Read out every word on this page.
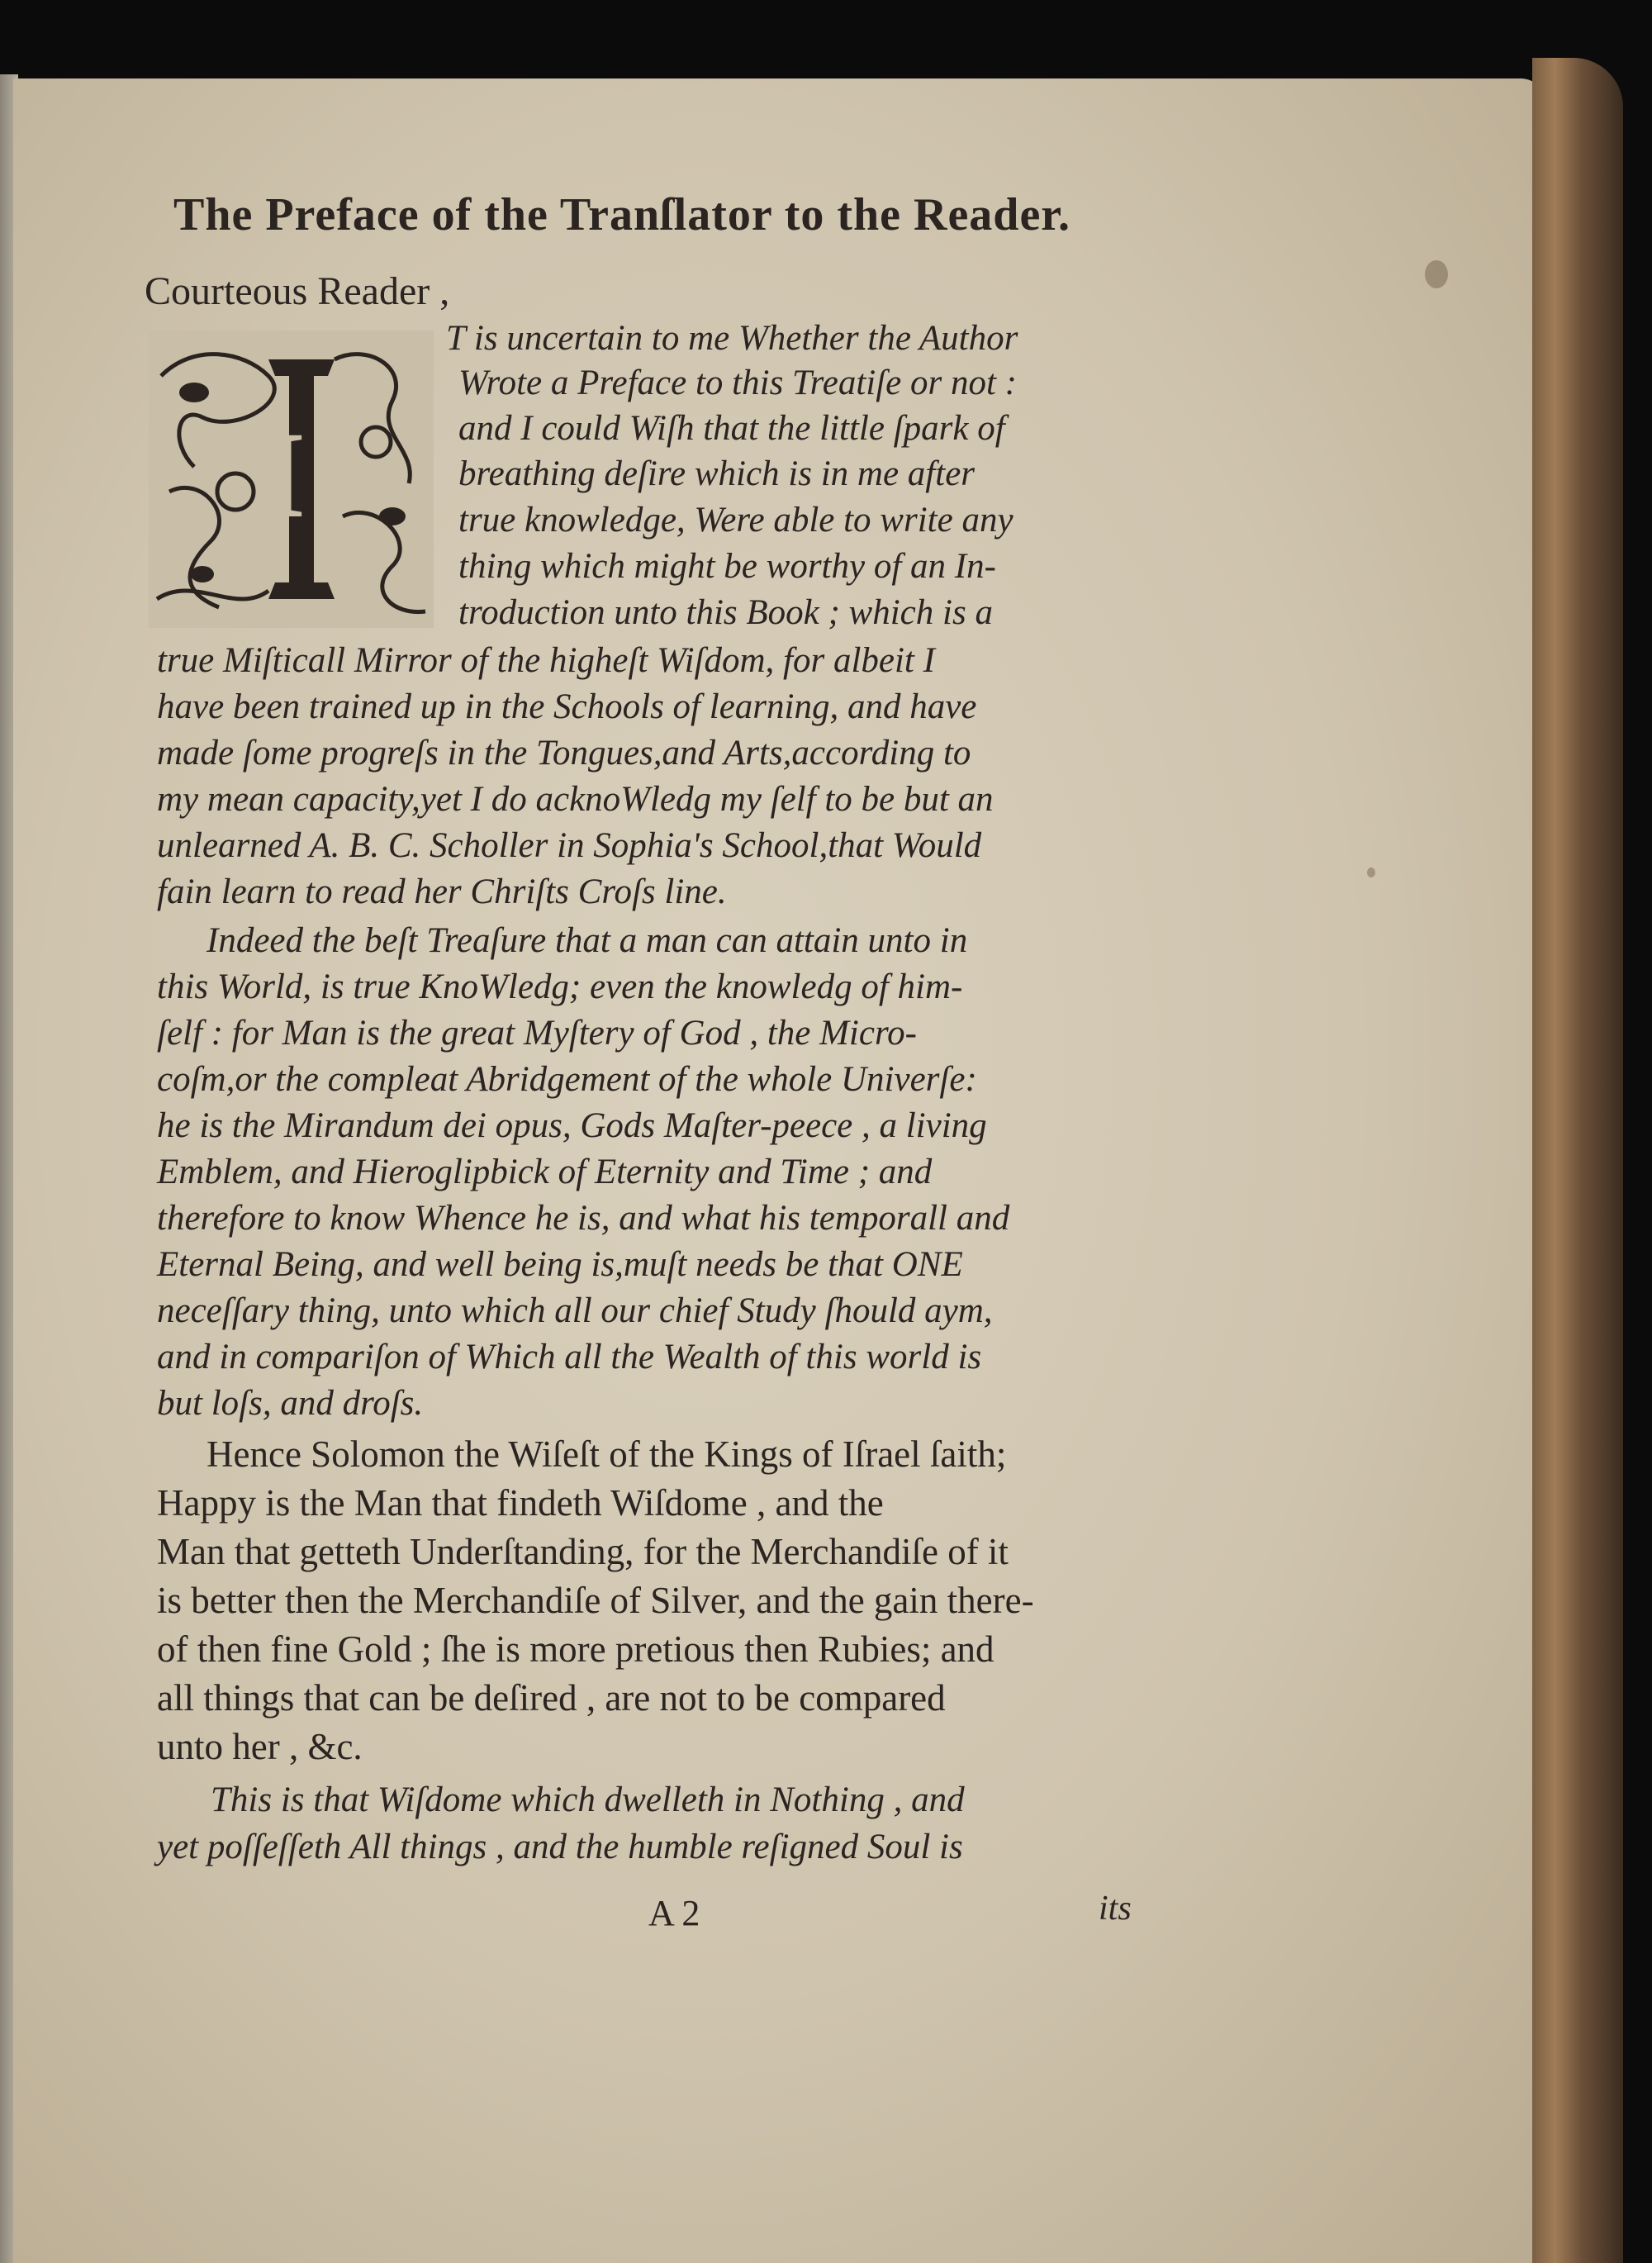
The Preface of the Tranſlator to the Reader.
Courteous Reader ,
I
T is uncertain to me Whether the Author
Wrote a Preface to this Treatiſe or not :
and I could Wiſh that the little ſpark of
breathing deſire which is in me after
true knowledge, Were able to write any
thing which might be worthy of an In-
troduction unto this Book ; which is a
true Miſticall Mirror of the higheſt Wiſdom, for albeit I
have been trained up in the Schools of learning, and have
made ſome progreſs in the Tongues,and Arts,according to
my mean capacity,yet I do acknoWledg my ſelf to be but an
unlearned A. B. C. Scholler in Sophia's School,that Would
fain learn to read her Chriſts Croſs line.
Indeed the beſt Treaſure that a man can attain unto in
this World, is true KnoWledg; even the knowledg of him-
ſelf : for Man is the great Myſtery of God , the Micro-
coſm,or the compleat Abridgement of the whole Univerſe:
he is the Mirandum dei opus, Gods Maſter-peece , a living
Emblem, and Hieroglipbick of Eternity and Time ; and
therefore to know Whence he is, and what his temporall and
Eternal Being, and well being is,muſt needs be that ONE
neceſſary thing, unto which all our chief Study ſhould aym,
and in compariſon of Which all the Wealth of this world is
but loſs, and droſs.
Hence Solomon the Wiſeſt of the Kings of Iſrael ſaith;
Happy is the Man that findeth Wiſdome , and the
Man that getteth Underſtanding, for the Merchandiſe of it
is better then the Merchandiſe of Silver, and the gain there-
of then fine Gold ; ſhe is more pretious then Rubies; and
all things that can be deſired , are not to be compared
unto her , &c.
This is that Wiſdome which dwelleth in Nothing , and
yet poſſeſſeth All things , and the humble reſigned Soul is
A 2	its
